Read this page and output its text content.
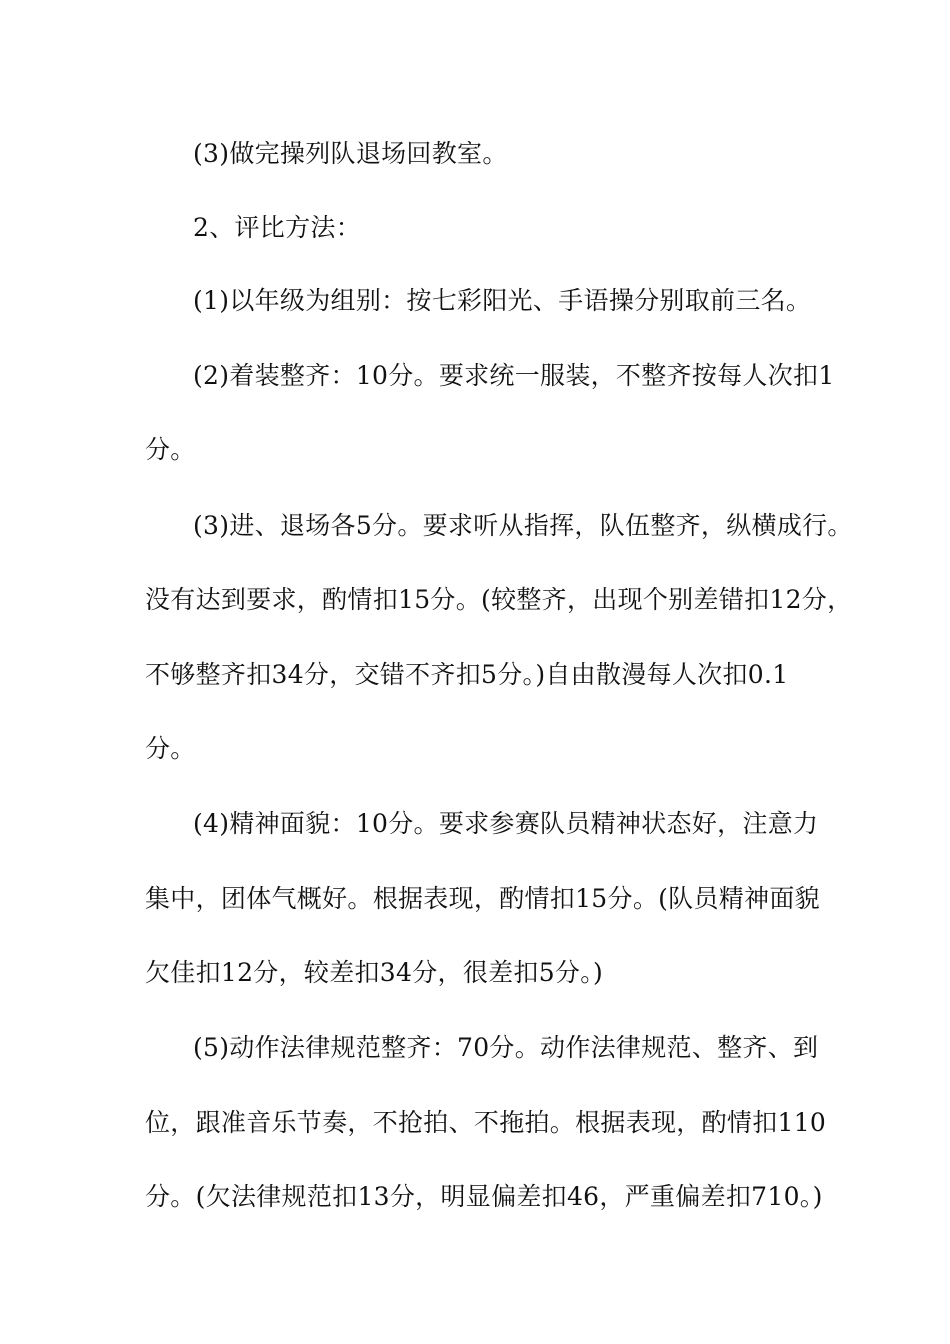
(3)做完操列队退场回教室。
2、评比方法：
(1)以年级为组别：按七彩阳光、手语操分别取前三名。
(2)着装整齐：10分。要求统一服装，不整齐按每人次扣1
分。
(3)进、退场各5分。要求听从指挥，队伍整齐，纵横成行。
没有达到要求，酌情扣15分。(较整齐，出现个别差错扣12分，
不够整齐扣34分，交错不齐扣5分。)自由散漫每人次扣0.1
分。
(4)精神面貌：10分。要求参赛队员精神状态好，注意力
集中，团体气概好。根据表现，酌情扣15分。(队员精神面貌
欠佳扣12分，较差扣34分，很差扣5分。)
(5)动作法律规范整齐：70分。动作法律规范、整齐、到
位，跟准音乐节奏，不抢拍、不拖拍。根据表现，酌情扣110
分。(欠法律规范扣13分，明显偏差扣46，严重偏差扣710。)
